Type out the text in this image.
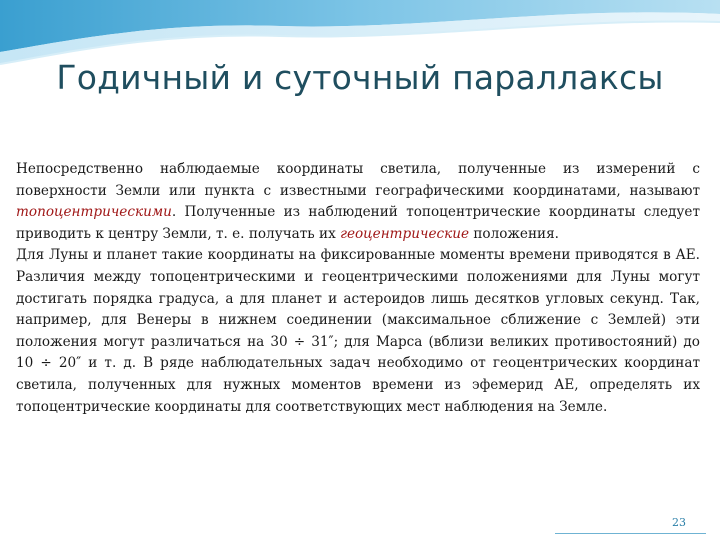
Годичный и суточный параллаксы

Непосредственно наблюдаемые координаты светила, полученные из измерений с поверхности Земли или пункта с известными географическими координатами, называют топоцентрическими. Полученные из наблюдений топоцентрические координаты следует приводить к центру Земли, т. е. получать их геоцентрические положения.

Для Луны и планет такие координаты на фиксированные моменты времени приводятся в АЕ. Различия между топоцентрическими и геоцентрическими положениями для Луны могут достигать порядка градуса, а для планет и астероидов лишь десятков угловых секунд. Так, например, для Венеры в нижнем соединении (максимальное сближение с Землей) эти положения могут различаться на 30 ÷ 31″; для Марса (вблизи великих противостояний) до 10 ÷ 20″ и т. д. В ряде наблюдательных задач необходимо от геоцентрических координат светила, полученных для нужных моментов времени из эфемерид АЕ, определять их топоцентрические координаты для соответствующих мест наблюдения на Земле.

23
